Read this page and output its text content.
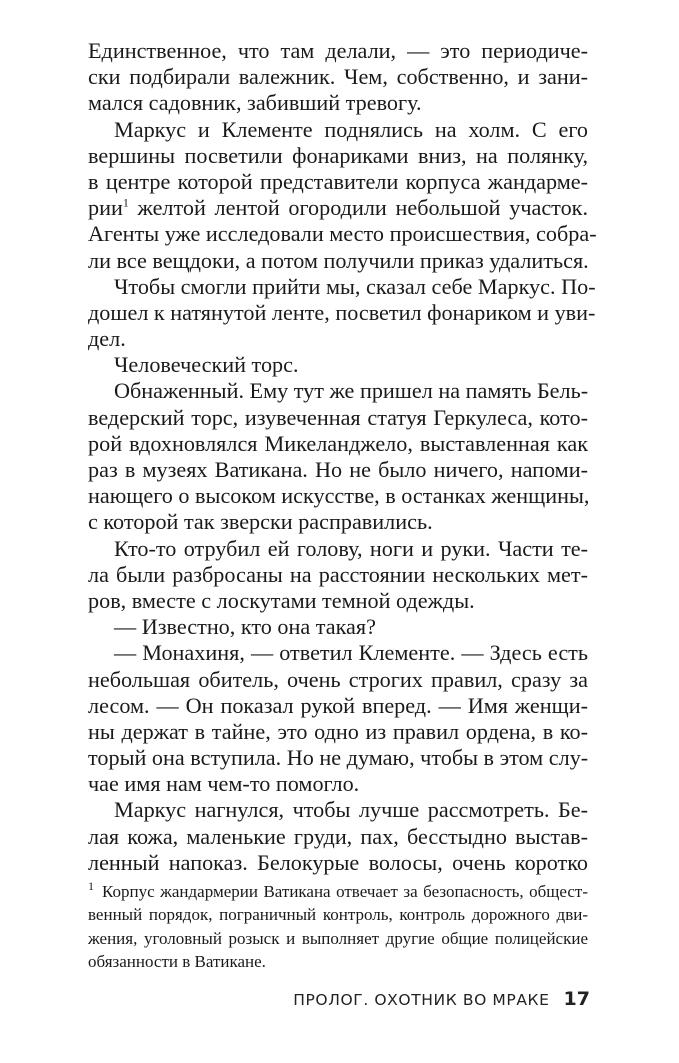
Единственное, что там делали, — это периодиче-
ски подбирали валежник. Чем, собственно, и зани-
мался садовник, забивший тревогу.
Маркус и Клементе поднялись на холм. С его
вершины посветили фонариками вниз, на полянку,
в центре которой представители корпуса жандарме-
рии$^1$ желтой лентой огородили небольшой участок.
Агенты уже исследовали место происшествия, собра-
ли все вещдоки, а потом получили приказ удалиться.
Чтобы смогли прийти мы, сказал себе Маркус. По-
дошел к натянутой ленте, посветил фонариком и уви-
дел.
Человеческий торс.
Обнаженный. Ему тут же пришел на память Бель-
ведерский торс, изувеченная статуя Геркулеса, кото-
рой вдохновлялся Микеланджело, выставленная как
раз в музеях Ватикана. Но не было ничего, напоми-
нающего о высоком искусстве, в останках женщины,
с которой так зверски расправились.
Кто-то отрубил ей голову, ноги и руки. Части те-
ла были разбросаны на расстоянии нескольких мет-
ров, вместе с лоскутами темной одежды.
— Известно, кто она такая?
— Монахиня, — ответил Клементе. — Здесь есть
небольшая обитель, очень строгих правил, сразу за
лесом. — Он показал рукой вперед. — Имя женщи-
ны держат в тайне, это одно из правил ордена, в ко-
торый она вступила. Но не думаю, чтобы в этом слу-
чае имя нам чем-то помогло.
Маркус нагнулся, чтобы лучше рассмотреть. Бе-
лая кожа, маленькие груди, пах, бесстыдно выстав-
ленный напоказ. Белокурые волосы, очень коротко
$^1$ Корпус жандармерии Ватикана отвечает за безопасность, общест-
венный порядок, пограничный контроль, контроль дорожного дви-
жения, уголовный розыск и выполняет другие общие полицейские
обязанности в Ватикане.
ПРОЛОГ. ОХОТНИК ВО МРАКЕ 17
